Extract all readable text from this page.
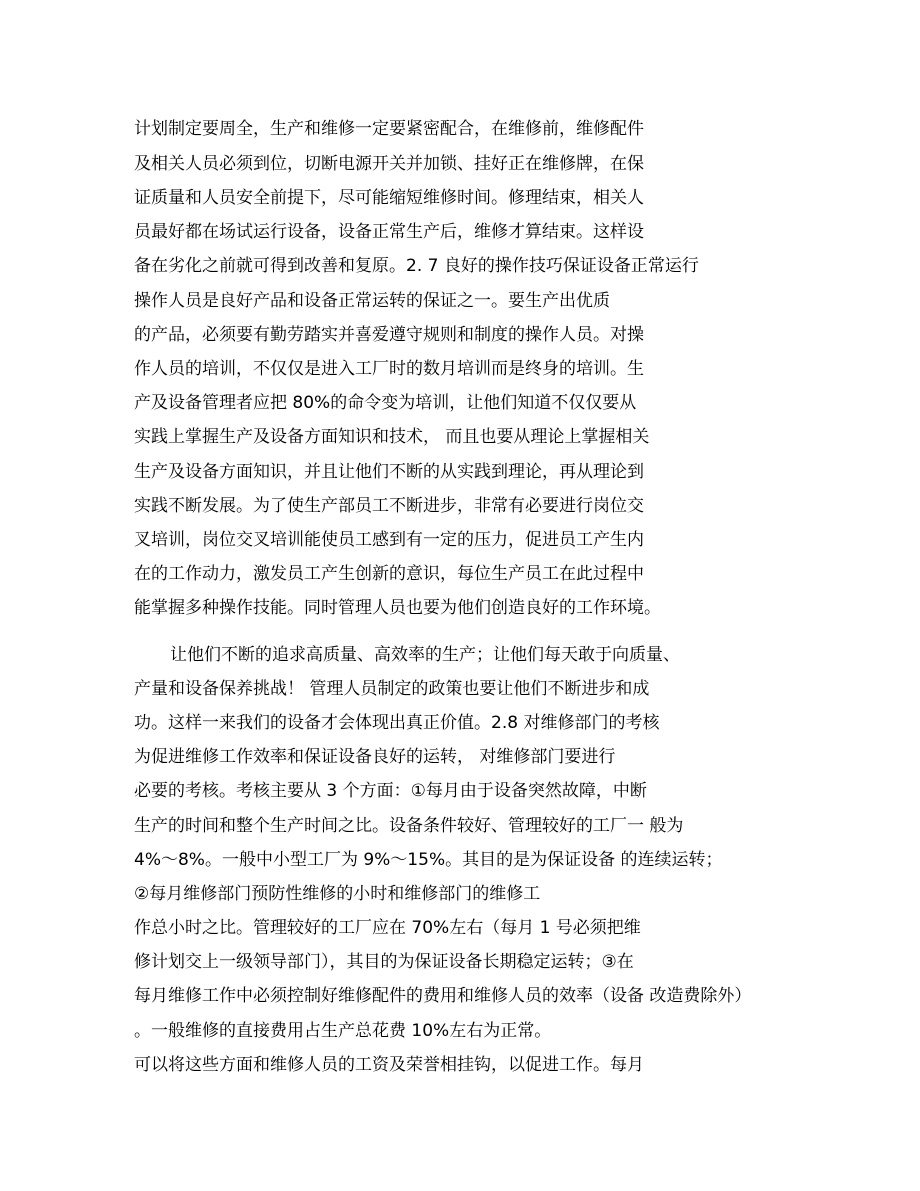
计划制定要周全，生产和维修一定要紧密配合，在维修前，维修配件
及相关人员必须到位，切断电源开关并加锁、挂好正在维修牌，在保
证质量和人员安全前提下，尽可能缩短维修时间。修理结束，相关人
员最好都在场试运行设备，设备正常生产后，维修才算结束。这样设
备在劣化之前就可得到改善和复原。2. 7 良好的操作技巧保证设备正常运行
操作人员是良好产品和设备正常运转的保证之一。要生产出优质
的产品，必须要有勤劳踏实并喜爱遵守规则和制度的操作人员。对操
作人员的培训，不仅仅是进入工厂时的数月培训而是终身的培训。生
产及设备管理者应把 80%的命令变为培训，让他们知道不仅仅要从
实践上掌握生产及设备方面知识和技术， 而且也要从理论上掌握相关
生产及设备方面知识，并且让他们不断的从实践到理论，再从理论到
实践不断发展。为了使生产部员工不断进步，非常有必要进行岗位交
叉培训，岗位交叉培训能使员工感到有一定的压力，促进员工产生内
在的工作动力，激发员工产生创新的意识，每位生产员工在此过程中
能掌握多种操作技能。同时管理人员也要为他们创造良好的工作环境。
让他们不断的追求高质量、高效率的生产；让他们每天敢于向质量、
产量和设备保养挑战！ 管理人员制定的政策也要让他们不断进步和成
功。这样一来我们的设备才会体现出真正价值。2.8 对维修部门的考核
为促进维修工作效率和保证设备良好的运转， 对维修部门要进行
必要的考核。考核主要从 3 个方面：①每月由于设备突然故障，中断
生产的时间和整个生产时间之比。设备条件较好、管理较好的工厂一 般为
4%～8%。一般中小型工厂为 9%～15%。其目的是为保证设备 的连续运转；
②每月维修部门预防性维修的小时和维修部门的维修工
作总小时之比。管理较好的工厂应在 70%左右（每月 1 号必须把维
修计划交上一级领导部门），其目的为保证设备长期稳定运转；③在
每月维修工作中必须控制好维修配件的费用和维修人员的效率（设备 改造费除外）
。一般维修的直接费用占生产总花费 10%左右为正常。
可以将这些方面和维修人员的工资及荣誉相挂钩，以促进工作。每月
